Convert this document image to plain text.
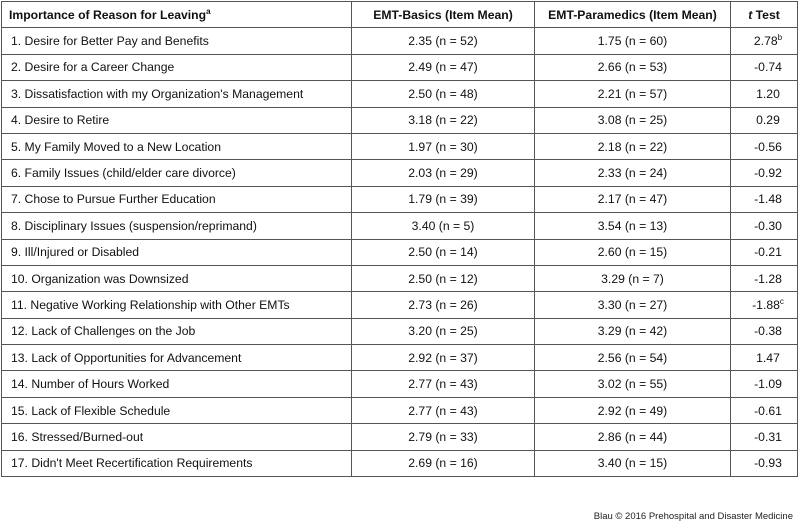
Importance of Reason for Leaving$^a$	EMT-Basics (Item Mean)	EMT-Paramedics (Item Mean)	t Test
1. Desire for Better Pay and Benefits	2.35 (n = 52)	1.75 (n = 60)	2.78$^b$
2. Desire for a Career Change	2.49 (n = 47)	2.66 (n = 53)	-0.74
3. Dissatisfaction with my Organization's Management	2.50 (n = 48)	2.21 (n = 57)	1.20
4. Desire to Retire	3.18 (n = 22)	3.08 (n = 25)	0.29
5. My Family Moved to a New Location	1.97 (n = 30)	2.18 (n = 22)	-0.56
6. Family Issues (child/elder care divorce)	2.03 (n = 29)	2.33 (n = 24)	-0.92
7. Chose to Pursue Further Education	1.79 (n = 39)	2.17 (n = 47)	-1.48
8. Disciplinary Issues (suspension/reprimand)	3.40 (n = 5)	3.54 (n = 13)	-0.30
9. Ill/Injured or Disabled	2.50 (n = 14)	2.60 (n = 15)	-0.21
10. Organization was Downsized	2.50 (n = 12)	3.29 (n = 7)	-1.28
11. Negative Working Relationship with Other EMTs	2.73 (n = 26)	3.30 (n = 27)	-1.88$^c$
12. Lack of Challenges on the Job	3.20 (n = 25)	3.29 (n = 42)	-0.38
13. Lack of Opportunities for Advancement	2.92 (n = 37)	2.56 (n = 54)	1.47
14. Number of Hours Worked	2.77 (n = 43)	3.02 (n = 55)	-1.09
15. Lack of Flexible Schedule	2.77 (n = 43)	2.92 (n = 49)	-0.61
16. Stressed/Burned-out	2.79 (n = 33)	2.86 (n = 44)	-0.31
17. Didn't Meet Recertification Requirements	2.69 (n = 16)	3.40 (n = 15)	-0.93
Blau © 2016 Prehospital and Disaster Medicine
